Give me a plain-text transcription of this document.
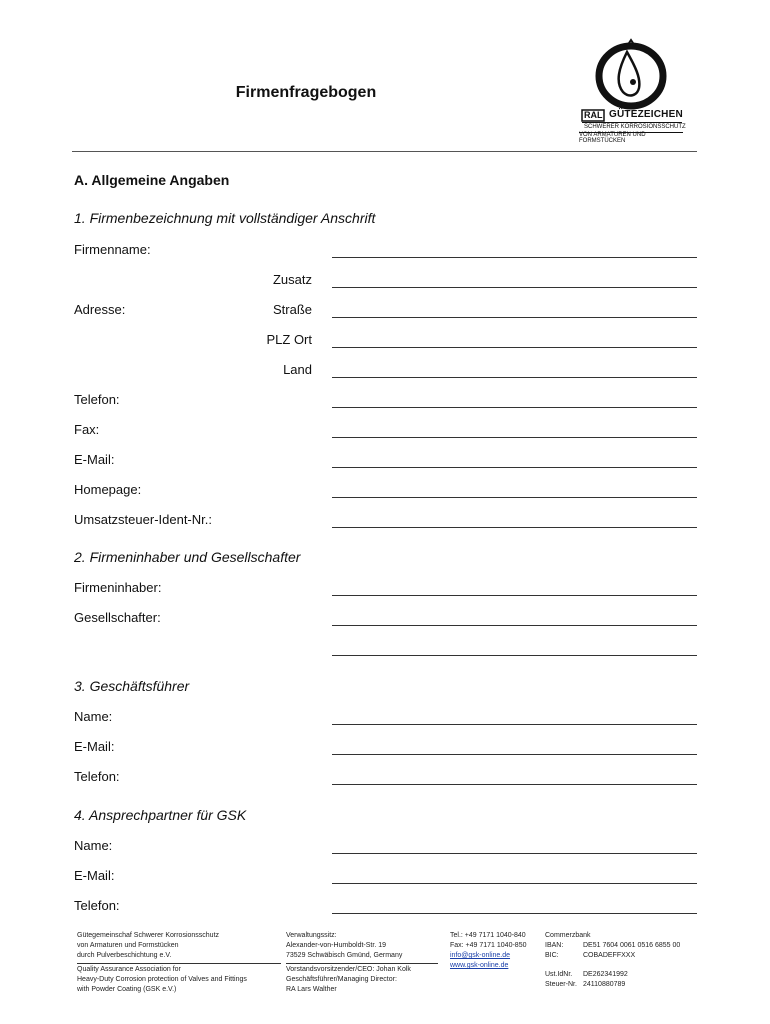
Firmenfragebogen
RAL GÜTEZEICHEN
SCHWERER KORROSIONSSCHUTZ
VON ARMATUREN UND FORMSTÜCKEN
A. Allgemeine Angaben
1. Firmenbezeichnung mit vollständiger Anschrift
Firmenname:
Zusatz
Adresse:	Straße
PLZ Ort
Land
Telefon:
Fax:
E-Mail:
Homepage:
Umsatzsteuer-Ident-Nr.:
2. Firmeninhaber und Gesellschafter
Firmeninhaber:
Gesellschafter:
3. Geschäftsführer
Name:
E-Mail:
Telefon:
4. Ansprechpartner für GSK
Name:
E-Mail:
Telefon:
Gütegemeinschaf Schwerer Korrosionsschutz
von Armaturen und Formstücken
durch Pulverbeschichtung e.V.
Quality Assurance Association for
Heavy-Duty Corrosion protection of Valves and Fittings
with Powder Coating (GSK e.V.)
Verwaltungssitz:
Alexander-von-Humboldt-Str. 19
73529 Schwäbisch Gmünd, Germany
Vorstandsvorsitzender/CEO: Johan Kolk
Geschäftsführer/Managing Director:
RA Lars Walther
Tel.: +49 7171 1040-840
Fax: +49 7171 1040-850
info@gsk-online.de
www.gsk-online.de
Commerzbank
IBAN:	DE51 7604 0061 0516 6855 00
BIC:	COBADEFFXXX
Ust.IdNr. DE262341992
Steuer-Nr. 24110880789
